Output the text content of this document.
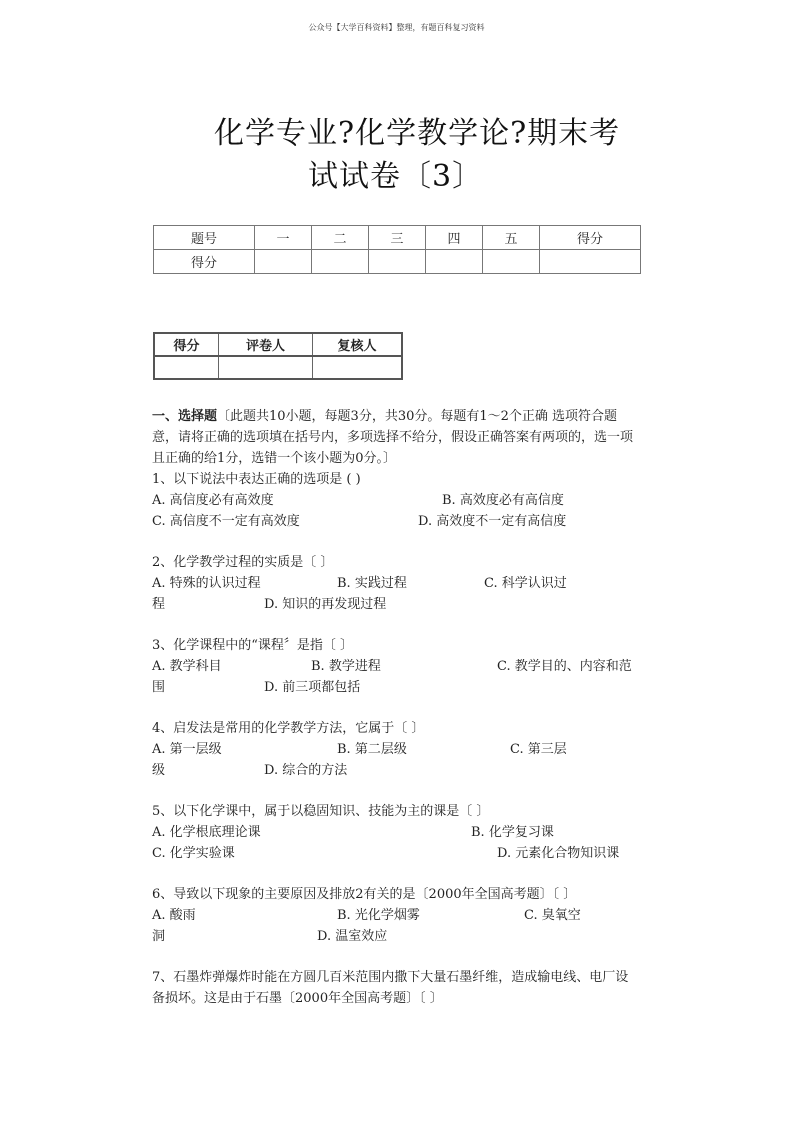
公众号【大学百科资料】整理，有题百科复习资料
化学专业?化学教学论?期末考
试试卷〔3〕
题号	一	二	三	四	五	得分
得分						
得分	评卷人	复核人

一、选择题〔此题共10小题，每题3分，共30分。每题有1～2个正确 选项符合题
意，请将正确的选项填在括号内，多项选择不给分，假设正确答案有两项的，选一项
且正确的给1分，选错一个该小题为0分。〕
1、以下说法中表达正确的选项是 ( )
A. 高信度必有高效度	B. 高效度必有高信度
C. 高信度不一定有高效度	D. 高效度不一定有高信度
2、化学教学过程的实质是〔 〕
A. 特殊的认识过程	B. 实践过程	C. 科学认识过
程	D. 知识的再发现过程
3、化学课程中的“课程〞是指〔 〕
A. 教学科目	B. 教学进程	C. 教学目的、内容和范
围	D. 前三项都包括
4、启发法是常用的化学教学方法，它属于〔 〕
A. 第一层级	B. 第二层级	C. 第三层
级	D. 综合的方法
5、以下化学课中，属于以稳固知识、技能为主的课是〔 〕
A. 化学根底理论课	B. 化学复习课
C. 化学实验课	D. 元素化合物知识课
6、导致以下现象的主要原因及排放2有关的是〔2000年全国高考题〕〔 〕
A. 酸雨	B. 光化学烟雾	C. 臭氧空
洞	D. 温室效应
7、石墨炸弹爆炸时能在方圆几百米范围内撒下大量石墨纤维，造成输电线、电厂设
备损坏。这是由于石墨〔2000年全国高考题〕〔 〕
